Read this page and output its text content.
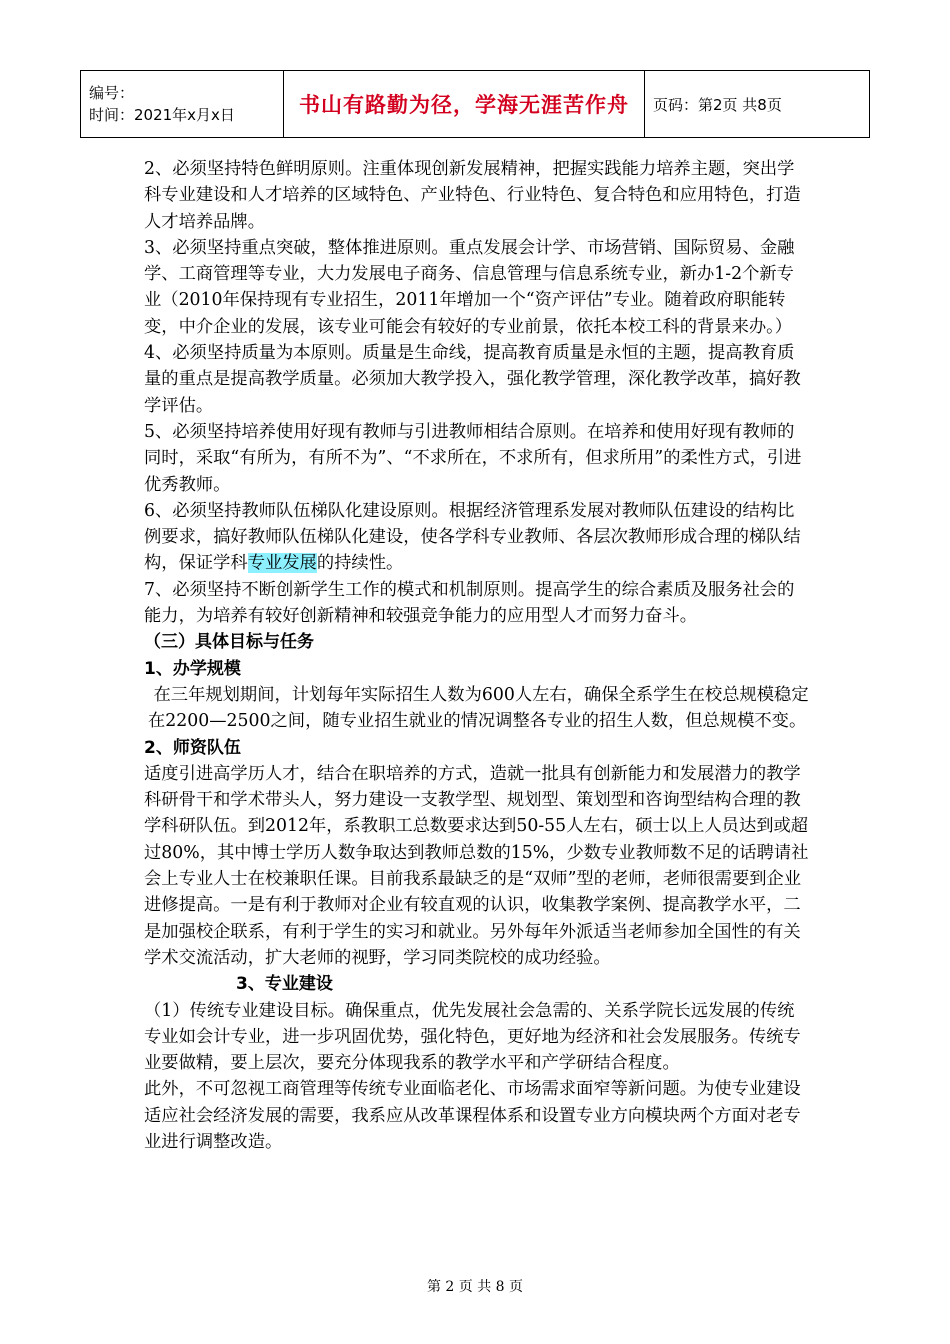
编号：
时间：2021年x月x日	书山有路勤为径，学海无涯苦作舟	页码：第2页 共8页

2、必须坚持特色鲜明原则。注重体现创新发展精神，把握实践能力培养主题，突出学科专业建设和人才培养的区域特色、产业特色、行业特色、复合特色和应用特色，打造人才培养品牌。

3、必须坚持重点突破，整体推进原则。重点发展会计学、市场营销、国际贸易、金融学、工商管理等专业，大力发展电子商务、信息管理与信息系统专业，新办1-2个新专业（2010年保持现有专业招生，2011年增加一个“资产评估”专业。随着政府职能转变，中介企业的发展，该专业可能会有较好的专业前景，依托本校工科的背景来办。）

4、必须坚持质量为本原则。质量是生命线，提高教育质量是永恒的主题，提高教育质量的重点是提高教学质量。必须加大教学投入，强化教学管理，深化教学改革，搞好教学评估。

5、必须坚持培养使用好现有教师与引进教师相结合原则。在培养和使用好现有教师的同时，采取“有所为，有所不为”、“不求所在，不求所有，但求所用”的柔性方式，引进优秀教师。

6、必须坚持教师队伍梯队化建设原则。根据经济管理系发展对教师队伍建设的结构比例要求，搞好教师队伍梯队化建设，使各学科专业教师、各层次教师形成合理的梯队结构，保证学科专业发展的持续性。

7、必须坚持不断创新学生工作的模式和机制原则。提高学生的综合素质及服务社会的能力，为培养有较好创新精神和较强竞争能力的应用型人才而努力奋斗。

（三）具体目标与任务

1、办学规模

在三年规划期间，计划每年实际招生人数为600人左右，确保全系学生在校总规模稳定在2200—2500之间，随专业招生就业的情况调整各专业的招生人数，但总规模不变。

2、师资队伍

适度引进高学历人才，结合在职培养的方式，造就一批具有创新能力和发展潜力的教学科研骨干和学术带头人，努力建设一支教学型、规划型、策划型和咨询型结构合理的教学科研队伍。到2012年，系教职工总数要求达到50-55人左右，硕士以上人员达到或超过80%，其中博士学历人数争取达到教师总数的15%，少数专业教师数不足的话聘请社会上专业人士在校兼职任课。目前我系最缺乏的是“双师”型的老师，老师很需要到企业进修提高。一是有利于教师对企业有较直观的认识，收集教学案例、提高教学水平，二是加强校企联系，有利于学生的实习和就业。另外每年外派适当老师参加全国性的有关学术交流活动，扩大老师的视野，学习同类院校的成功经验。

3、专业建设

（1）传统专业建设目标。确保重点，优先发展社会急需的、关系学院长远发展的传统专业如会计专业，进一步巩固优势，强化特色，更好地为经济和社会发展服务。传统专业要做精，要上层次，要充分体现我系的教学水平和产学研结合程度。

此外，不可忽视工商管理等传统专业面临老化、市场需求面窄等新问题。为使专业建设适应社会经济发展的需要，我系应从改革课程体系和设置专业方向模块两个方面对老专业进行调整改造。

第 2 页 共 8 页
